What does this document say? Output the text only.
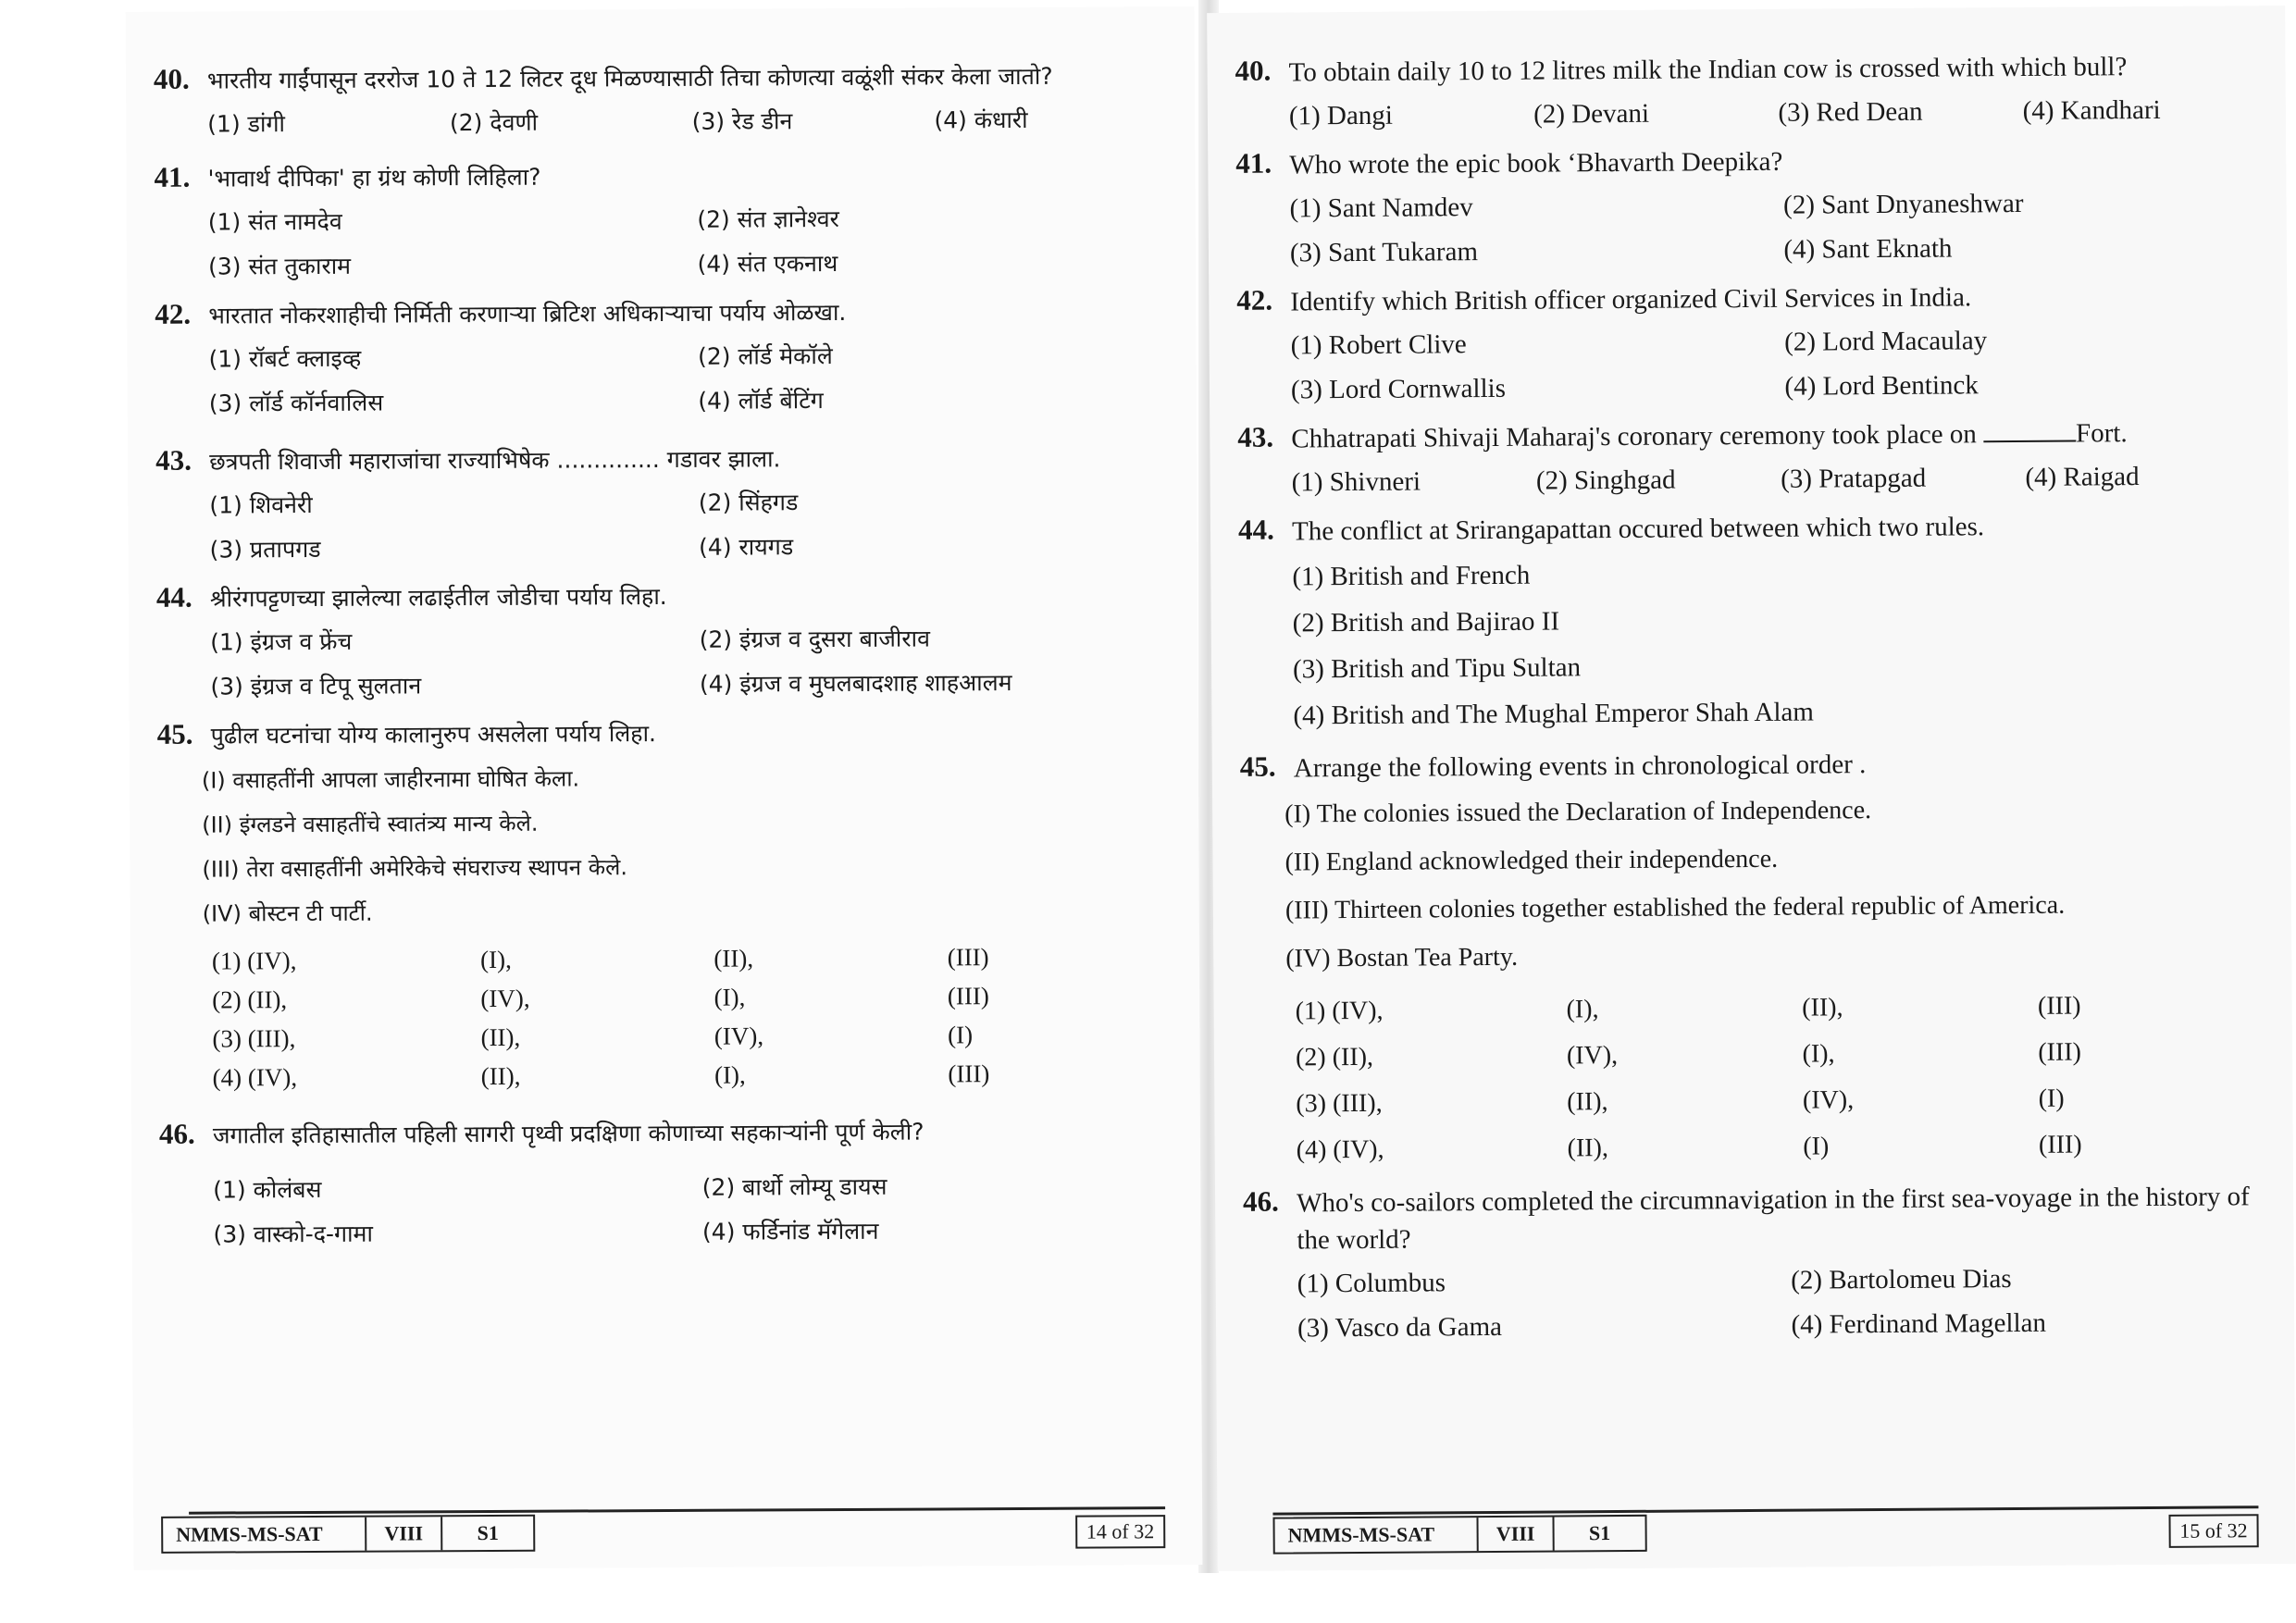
40. भारतीय गाईंपासून दररोज 10 ते 12 लिटर दूध मिळण्यासाठी तिचा कोणत्या वळूंशी संकर केला जातो?
(1) डांगी	(2) देवणी	(3) रेड डीन	(4) कंधारी
41. 'भावार्थ दीपिका' हा ग्रंथ कोणी लिहिला?
(1) संत नामदेव	(2) संत ज्ञानेश्वर
(3) संत तुकाराम	(4) संत एकनाथ
42. भारतात नोकरशाहीची निर्मिती करणाऱ्या ब्रिटिश अधिकाऱ्याचा पर्याय ओळखा.
(1) रॉबर्ट क्लाइव्ह	(2) लॉर्ड मेकॉले
(3) लॉर्ड कॉर्नवालिस	(4) लॉर्ड बेंटिंग
43. छत्रपती शिवाजी महाराजांचा राज्याभिषेक .............. गडावर झाला.
(1) शिवनेरी	(2) सिंहगड
(3) प्रतापगड	(4) रायगड
44. श्रीरंगपट्टणच्या झालेल्या लढाईतील जोडीचा पर्याय लिहा.
(1) इंग्रज व फ्रेंच	(2) इंग्रज व दुसरा बाजीराव
(3) इंग्रज व टिपू सुलतान	(4) इंग्रज व मुघलबादशाह शाहआलम
45. पुढील घटनांचा योग्य कालानुरुप असलेला पर्याय लिहा.
(I) वसाहतींनी आपला जाहीरनामा घोषित केला.
(II) इंग्लडने वसाहतींचे स्वातंत्र्य मान्य केले.
(III) तेरा वसाहतींनी अमेरिकेचे संघराज्य स्थापन केले.
(IV) बोस्टन टी पार्टी.
(1) (IV),	(I),	(II),	(III)
(2) (II),	(IV),	(I),	(III)
(3) (III),	(II),	(IV),	(I)
(4) (IV),	(II),	(I),	(III)
46. जगातील इतिहासातील पहिली सागरी पृथ्वी प्रदक्षिणा कोणाच्या सहकाऱ्यांनी पूर्ण केली?
(1) कोलंबस	(2) बार्थो लोम्यू डायस
(3) वास्को-द-गामा	(4) फर्डिनांड मॅगेलान
NMMS-MS-SAT	VIII	S1	14 of 32
40. To obtain daily 10 to 12 litres milk the Indian cow is crossed with which bull?
(1) Dangi	(2) Devani	(3) Red Dean	(4) Kandhari
41. Who wrote the epic book ‘Bhavarth Deepika?
(1) Sant Namdev	(2) Sant Dnyaneshwar
(3) Sant Tukaram	(4) Sant Eknath
42. Identify which British officer organized Civil Services in India.
(1) Robert Clive	(2) Lord Macaulay
(3) Lord Cornwallis	(4) Lord Bentinck
43. Chhatrapati Shivaji Maharaj's coronary ceremony took place on	Fort.
(1) Shivneri	(2) Singhgad	(3) Pratapgad	(4) Raigad
44. The conflict at Srirangapattan occured between which two rules.
(1) British and French
(2) British and Bajirao II
(3) British and Tipu Sultan
(4) British and The Mughal Emperor Shah Alam
45. Arrange the following events in chronological order .
(I) The colonies issued the Declaration of Independence.
(II) England acknowledged their independence.
(III) Thirteen colonies together established the federal republic of America.
(IV) Bostan Tea Party.
(1) (IV),	(I),	(II),	(III)
(2) (II),	(IV),	(I),	(III)
(3) (III),	(II),	(IV),	(I)
(4) (IV),	(II),	(I)	(III)
46. Who's co-sailors completed the circumnavigation in the first sea-voyage in the history of the world?
(1) Columbus	(2) Bartolomeu Dias
(3) Vasco da Gama	(4) Ferdinand Magellan
NMMS-MS-SAT	VIII	S1	15 of 32
